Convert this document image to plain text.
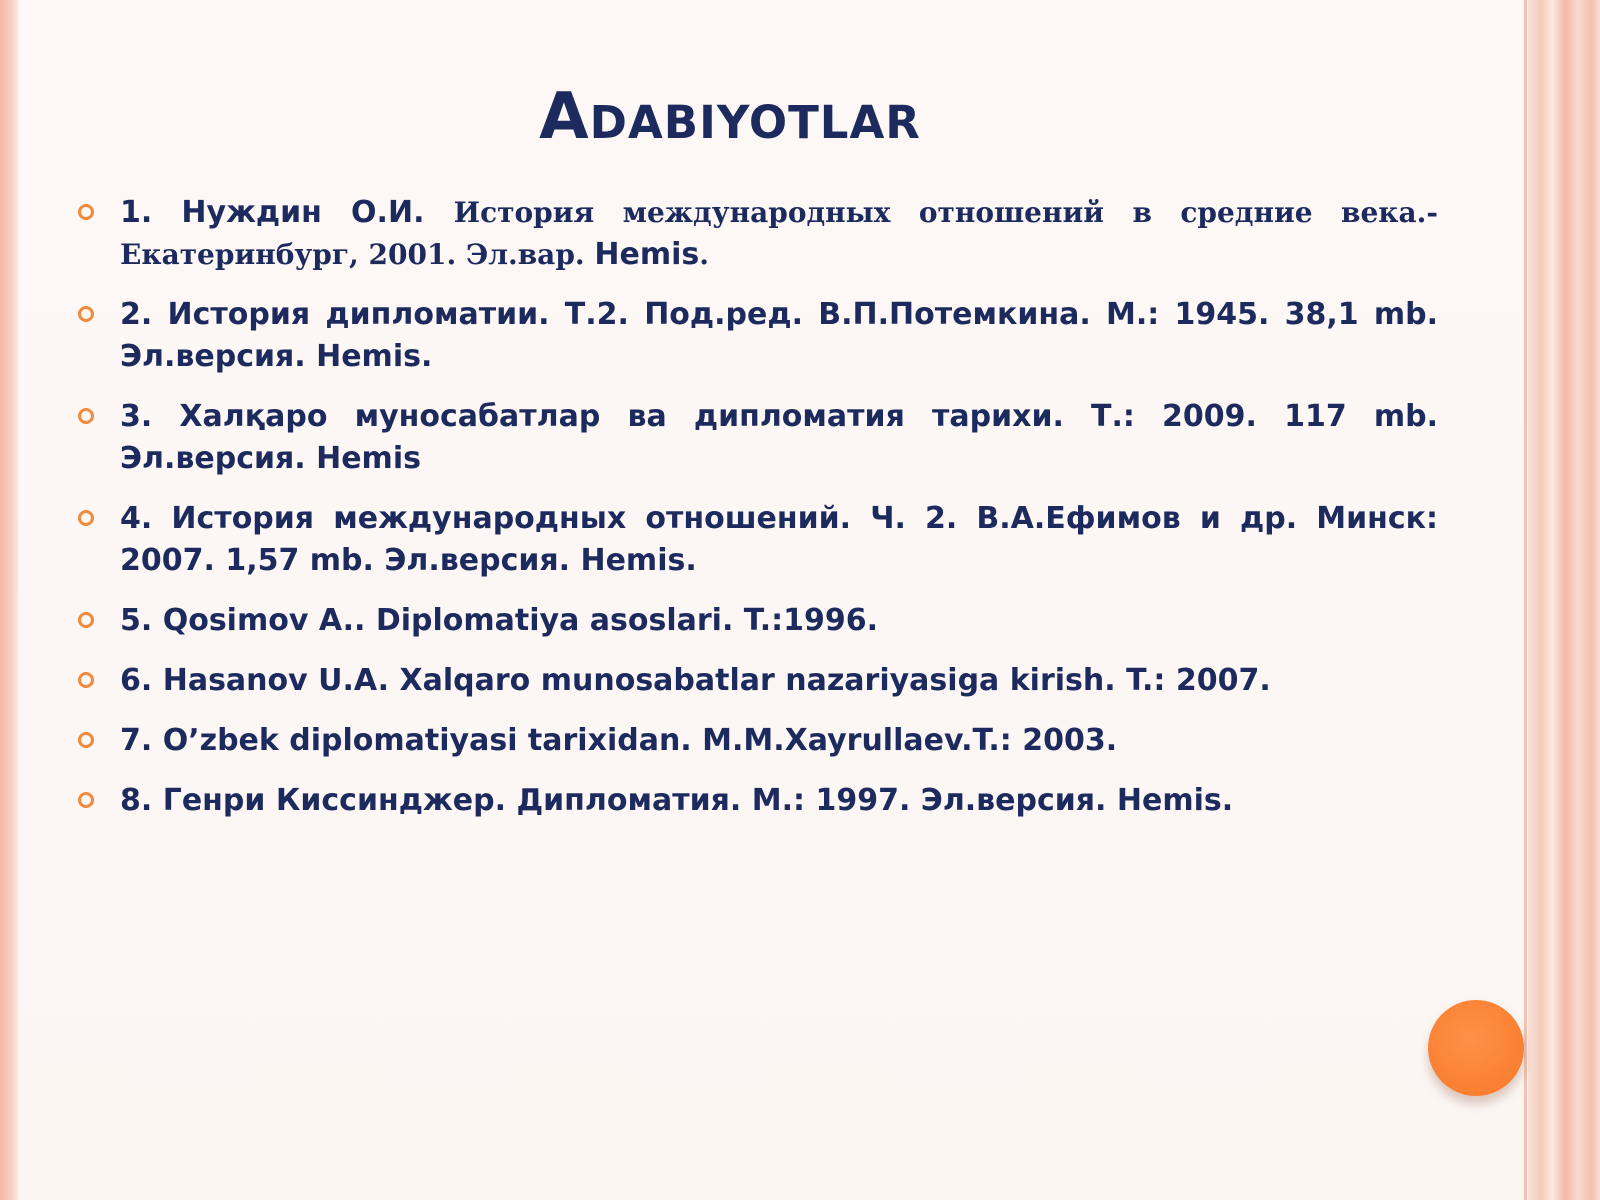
Adabiyotlar
1. Нуждин О.И. История международных отношений в средние века.- Екатеринбург, 2001. Эл.вар. Hemis.
2. История дипломатии. Т.2. Под.ред. В.П.Потемкина. М.: 1945. 38,1 mb. Эл.версия. Hemis.
3. Халқаро муносабатлар ва дипломатия тарихи. Т.: 2009. 117 mb. Эл.версия. Hemis
4. История международных отношений. Ч. 2. В.А.Ефимов и др. Минск: 2007. 1,57 mb. Эл.версия. Hemis.
5. Qosimov A.. Diplomatiya asoslari. T.:1996.
6. Hasanov U.A. Xalqaro munosabatlar nazariyasiga kirish. T.: 2007.
7. O’zbek diplomatiyasi tarixidan. M.M.Xayrullaev.T.: 2003.
8. Генри Киссинджер. Дипломатия. М.: 1997. Эл.версия. Hemis.
